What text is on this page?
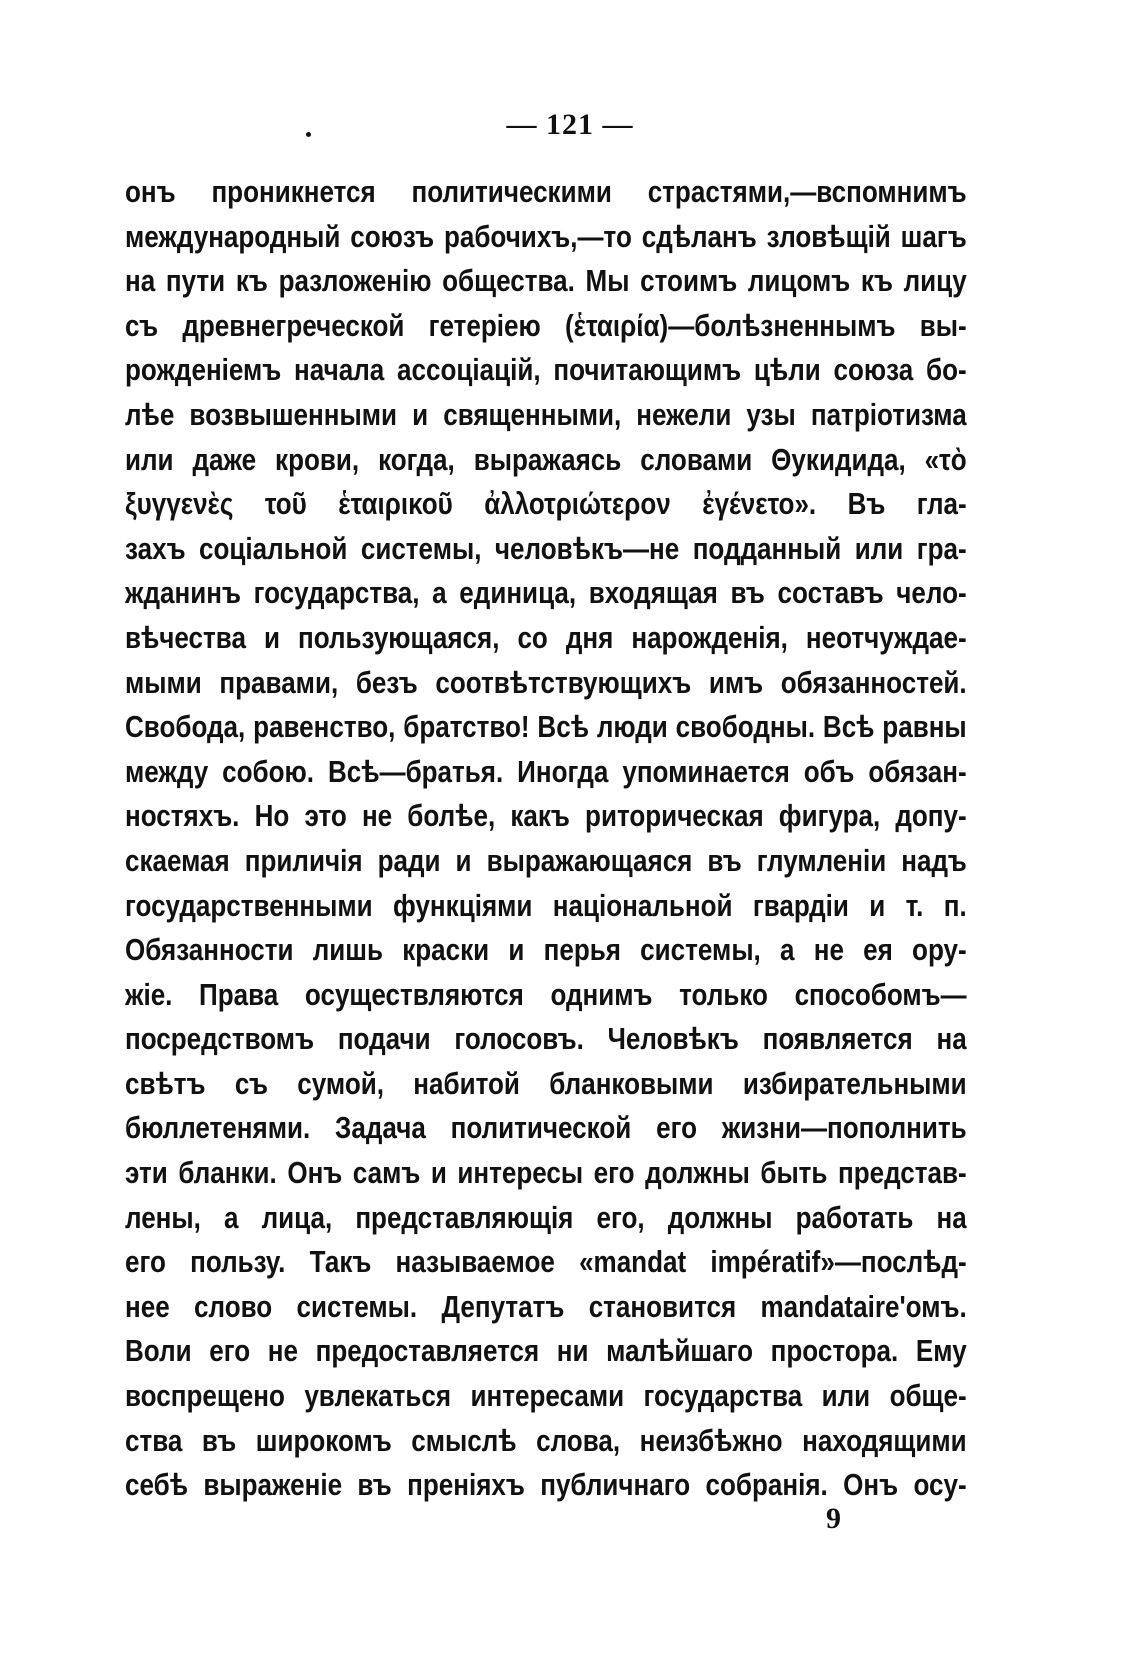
— 121 —
онъ проникнется политическими страстями,—вспомнимъ
международный союзъ рабочихъ,—то сдѣланъ зловѣщій шагъ
на пути къ разложенію общества. Мы стоимъ лицомъ къ лицу
съ древнегреческой гетеріею (ἑταιρία)—болѣзненнымъ вы-
рожденіемъ начала ассоціацій, почитающимъ цѣли союза бо-
лѣе возвышенными и священными, нежели узы патріотизма
или даже крови, когда, выражаясь словами Θукидида, «τὸ
ξυγγενὲς τοῦ ἑταιρικοῦ ἀλλοτριώτερον ἐγένετο». Въ гла-
захъ соціальной системы, человѣкъ—не подданный или гра-
жданинъ государства, а единица, входящая въ составъ чело-
вѣчества и пользующаяся, со дня нарожденія, неотчуждае-
мыми правами, безъ соотвѣтствующихъ имъ обязанностей.
Свобода, равенство, братство! Всѣ люди свободны. Всѣ равны
между собою. Всѣ—братья. Иногда упоминается объ обязан-
ностяхъ. Но это не болѣе, какъ риторическая фигура, допу-
скаемая приличія ради и выражающаяся въ глумленіи надъ
государственными функціями національной гвардіи и т. п.
Обязанности лишь краски и перья системы, а не ея ору-
жіе. Права осуществляются однимъ только способомъ—
посредствомъ подачи голосовъ. Человѣкъ появляется на
свѣтъ съ сумой, набитой бланковыми избирательными
бюллетенями. Задача политической его жизни—пополнить
эти бланки. Онъ самъ и интересы его должны быть представ-
лены, а лица, представляющія его, должны работать на
его пользу. Такъ называемое «mandat impératif»—послѣд-
нее слово системы. Депутатъ становится mandataire'омъ.
Воли его не предоставляется ни малѣйшаго простора. Ему
воспрещено увлекаться интересами государства или обще-
ства въ широкомъ смыслѣ слова, неизбѣжно находящими
себѣ выраженіе въ преніяхъ публичнаго собранія. Онъ осу-
9
